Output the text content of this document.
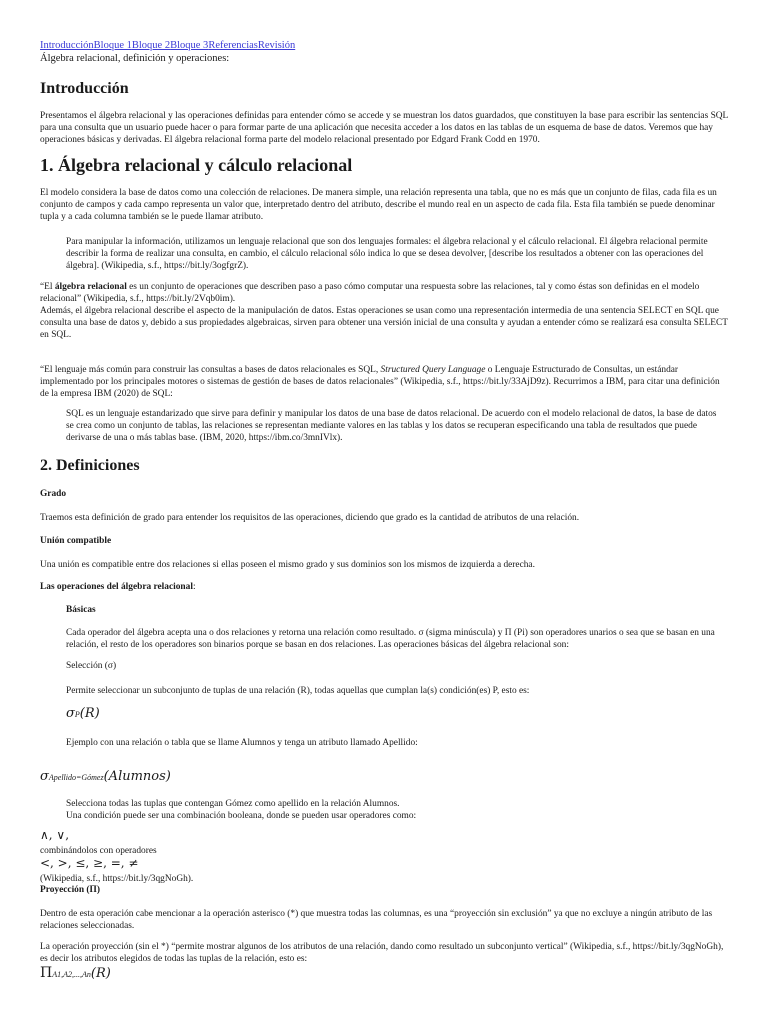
IntroducciónBloque 1Bloque 2Bloque 3ReferenciasRevisión
Álgebra relacional, definición y operaciones:
Introducción

Presentamos el álgebra relacional y las operaciones definidas para entender cómo se accede y se muestran los datos guardados, que constituyen la base para escribir las sentencias SQL para una consulta que un usuario puede hacer o para formar parte de una aplicación que necesita acceder a los datos en las tablas de un esquema de base de datos. Veremos que hay operaciones básicas y derivadas. El álgebra relacional forma parte del modelo relacional presentado por Edgard Frank Codd en 1970.

1. Álgebra relacional y cálculo relacional

El modelo considera la base de datos como una colección de relaciones. De manera simple, una relación representa una tabla, que no es más que un conjunto de filas, cada fila es un conjunto de campos y cada campo representa un valor que, interpretado dentro del atributo, describe el mundo real en un aspecto de cada fila. Esta fila también se puede denominar tupla y a cada columna también se le puede llamar atributo.

Para manipular la información, utilizamos un lenguaje relacional que son dos lenguajes formales: el álgebra relacional y el cálculo relacional. El álgebra relacional permite describir la forma de realizar una consulta, en cambio, el cálculo relacional sólo indica lo que se desea devolver, [describe los resultados a obtener con las operaciones del álgebra]. (Wikipedia, s.f., https://bit.ly/3ogfgrZ).

“El álgebra relacional es un conjunto de operaciones que describen paso a paso cómo computar una respuesta sobre las relaciones, tal y como éstas son definidas en el modelo relacional” (Wikipedia, s.f., https://bit.ly/2Vqb0im).

Además, el álgebra relacional describe el aspecto de la manipulación de datos. Estas operaciones se usan como una representación intermedia de una sentencia SELECT en SQL que consulta una base de datos y, debido a sus propiedades algebraicas, sirven para obtener una versión inicial de una consulta y ayudan a entender cómo se realizará esa consulta SELECT en SQL.

“El lenguaje más común para construir las consultas a bases de datos relacionales es SQL, Structured Query Language o Lenguaje Estructurado de Consultas, un estándar implementado por los principales motores o sistemas de gestión de bases de datos relacionales” (Wikipedia, s.f., https://bit.ly/33AjD9z). Recurrimos a IBM, para citar una definición de la empresa IBM (2020) de SQL:

SQL es un lenguaje estandarizado que sirve para definir y manipular los datos de una base de datos relacional. De acuerdo con el modelo relacional de datos, la base de datos se crea como un conjunto de tablas, las relaciones se representan mediante valores en las tablas y los datos se recuperan especificando una tabla de resultados que puede derivarse de una o más tablas base. (IBM, 2020, https://ibm.co/3mnIVlx).

2. Definiciones

Grado

Traemos esta definición de grado para entender los requisitos de las operaciones, diciendo que grado es la cantidad de atributos de una relación.

Unión compatible

Una unión es compatible entre dos relaciones si ellas poseen el mismo grado y sus dominios son los mismos de izquierda a derecha.

Las operaciones del álgebra relacional:

Básicas

Cada operador del álgebra acepta una o dos relaciones y retorna una relación como resultado. σ (sigma minúscula) y Π (Pi) son operadores unarios o sea que se basan en una relación, el resto de los operadores son binarios porque se basan en dos relaciones. Las operaciones básicas del álgebra relacional son:

Selección (σ)

Permite seleccionar un subconjunto de tuplas de una relación (R), todas aquellas que cumplan la(s) condición(es) P, esto es:

σP(R)

Ejemplo con una relación o tabla que se llame Alumnos y tenga un atributo llamado Apellido:

σApellido=Gómez(Alumnos)

Selecciona todas las tuplas que contengan Gómez como apellido en la relación Alumnos.

Una condición puede ser una combinación booleana, donde se pueden usar operadores como:

∧, ∨,

combinándolos con operadores

<, >, ≤, ≥, =, ≠

(Wikipedia, s.f., https://bit.ly/3qgNoGh).

Proyección (Π)

Dentro de esta operación cabe mencionar a la operación asterisco (*) que muestra todas las columnas, es una “proyección sin exclusión” ya que no excluye a ningún atributo de las relaciones seleccionadas.

La operación proyección (sin el *) “permite mostrar algunos de los atributos de una relación, dando como resultado un subconjunto vertical” (Wikipedia, s.f., https://bit.ly/3qgNoGh), es decir los atributos elegidos de todas las tuplas de la relación, esto es:

ΠA1,A2,...,An(R)
